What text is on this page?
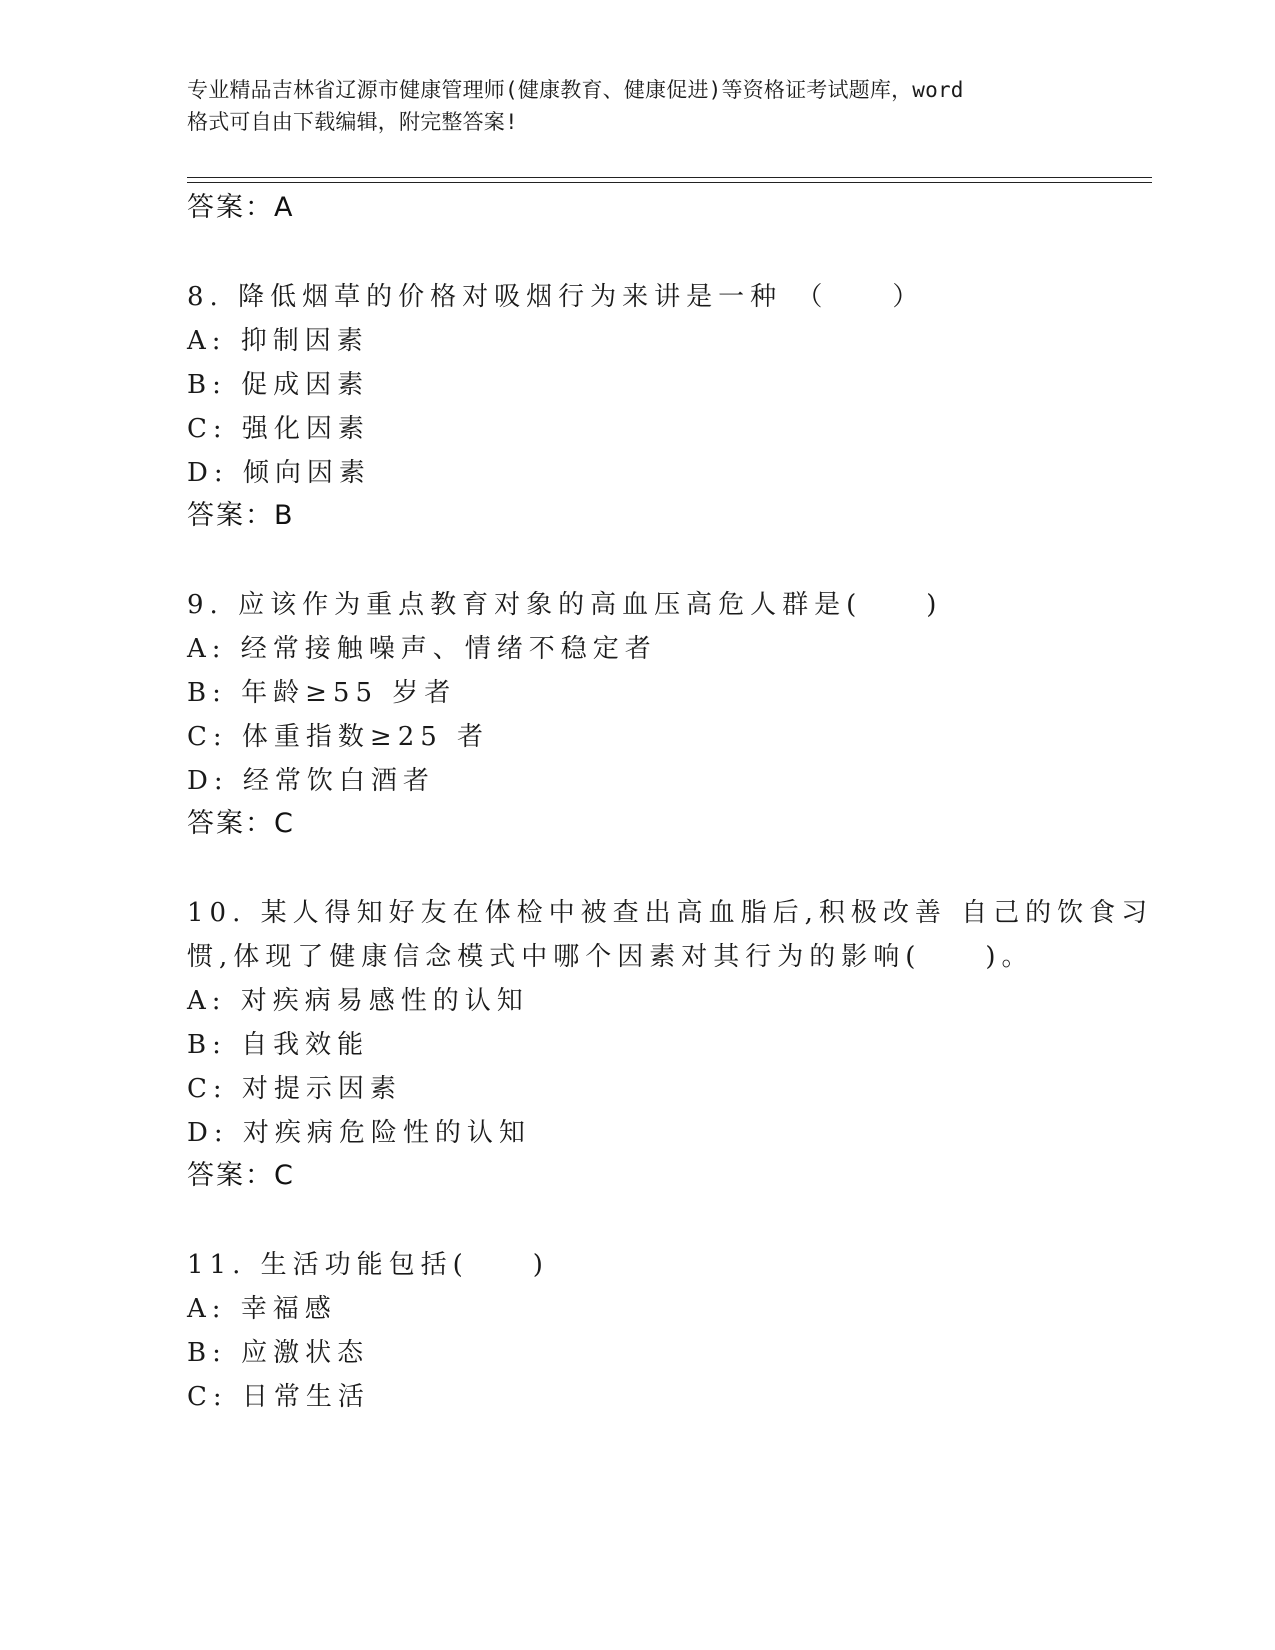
专业精品吉林省辽源市健康管理师(健康教育、健康促进)等资格证考试题库，word
格式可自由下载编辑，附完整答案!
答案：A
8. 降低烟草的价格对吸烟行为来讲是一种 （　　）
A: 抑制因素
B: 促成因素
C: 强化因素
D: 倾向因素
答案：B
9. 应该作为重点教育对象的高血压高危人群是(　　)
A: 经常接触噪声、情绪不稳定者
B: 年龄≥55 岁者
C: 体重指数≥25 者
D: 经常饮白酒者
答案：C
10. 某人得知好友在体检中被查出高血脂后,积极改善 自己的饮食习
惯,体现了健康信念模式中哪个因素对其行为的影响(　　)。
A: 对疾病易感性的认知
B: 自我效能
C: 对提示因素
D: 对疾病危险性的认知
答案：C
11. 生活功能包括(　　)
A: 幸福感
B: 应激状态
C: 日常生活
